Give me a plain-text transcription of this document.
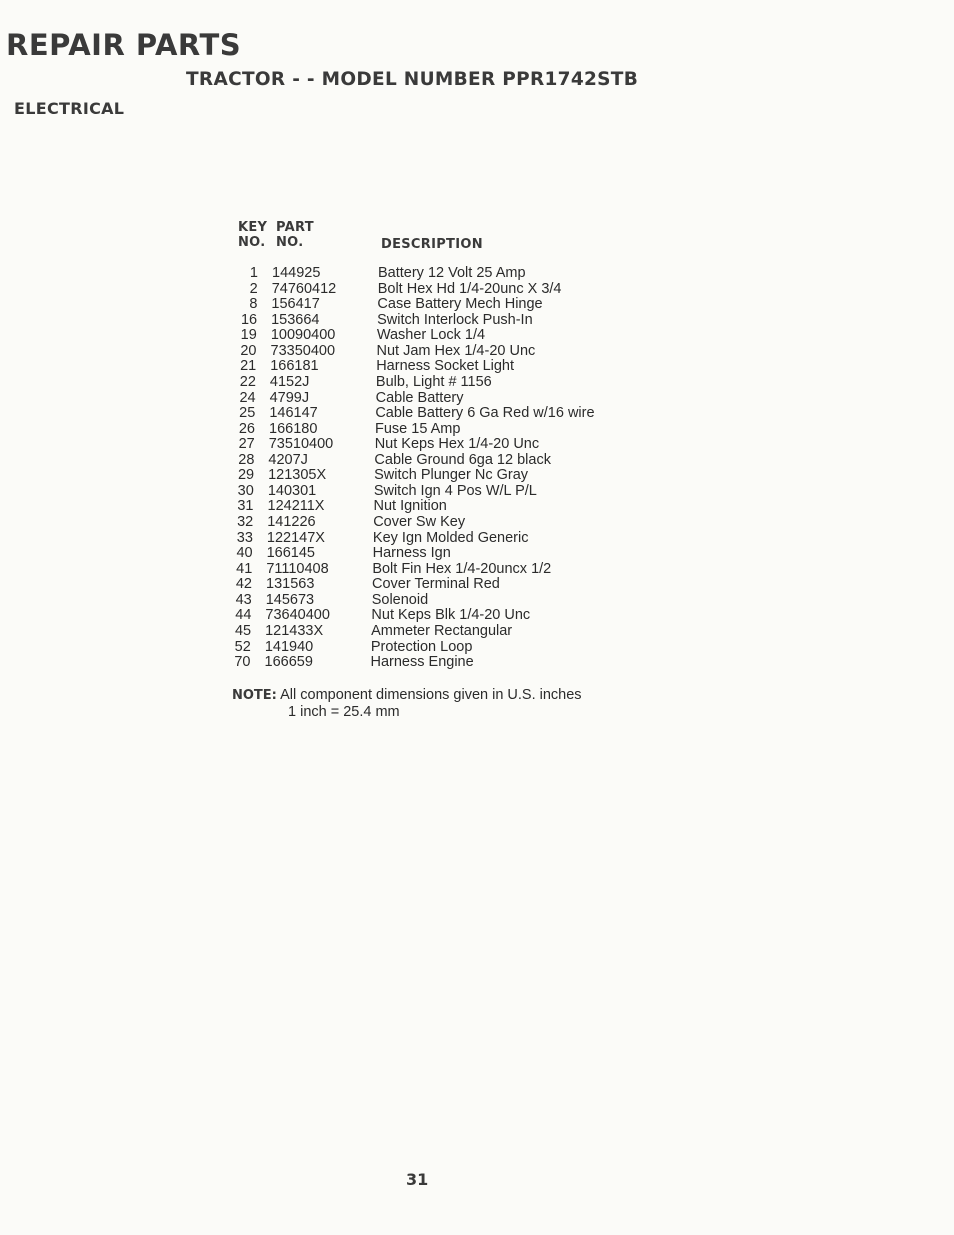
REPAIR PARTS
TRACTOR - - MODEL NUMBER PPR1742STB
ELECTRICAL
KEY
NO.
PART
NO.	DESCRIPTION
1 144925	Battery 12 Volt 25 Amp
2 74760412	Bolt Hex Hd 1/4-20unc X 3/4
8 156417	Case Battery Mech Hinge
16 153664	Switch Interlock Push-In
19 10090400	Washer Lock 1/4
20 73350400	Nut Jam Hex 1/4-20 Unc
21 166181	Harness Socket Light
22 4152J	Bulb, Light # 1156
24 4799J	Cable Battery
25 146147	Cable Battery 6 Ga Red w/16 wire
26 166180	Fuse 15 Amp
27 73510400	Nut Keps Hex 1/4-20 Unc
28 4207J	Cable Ground 6ga 12 black
29 121305X	Switch Plunger Nc Gray
30 140301	Switch Ign 4 Pos W/L P/L
31 124211X	Nut Ignition
32 141226	Cover Sw Key
33 122147X	Key Ign Molded Generic
40 166145	Harness Ign
41 71110408	Bolt Fin Hex 1/4-20uncx 1/2
42 131563	Cover Terminal Red
43 145673	Solenoid
44 73640400	Nut Keps Blk 1/4-20 Unc
45 121433X	Ammeter Rectangular
52 141940	Protection Loop
70 166659	Harness Engine
NOTE: All component dimensions given in U.S. inches
1 inch = 25.4 mm
31
